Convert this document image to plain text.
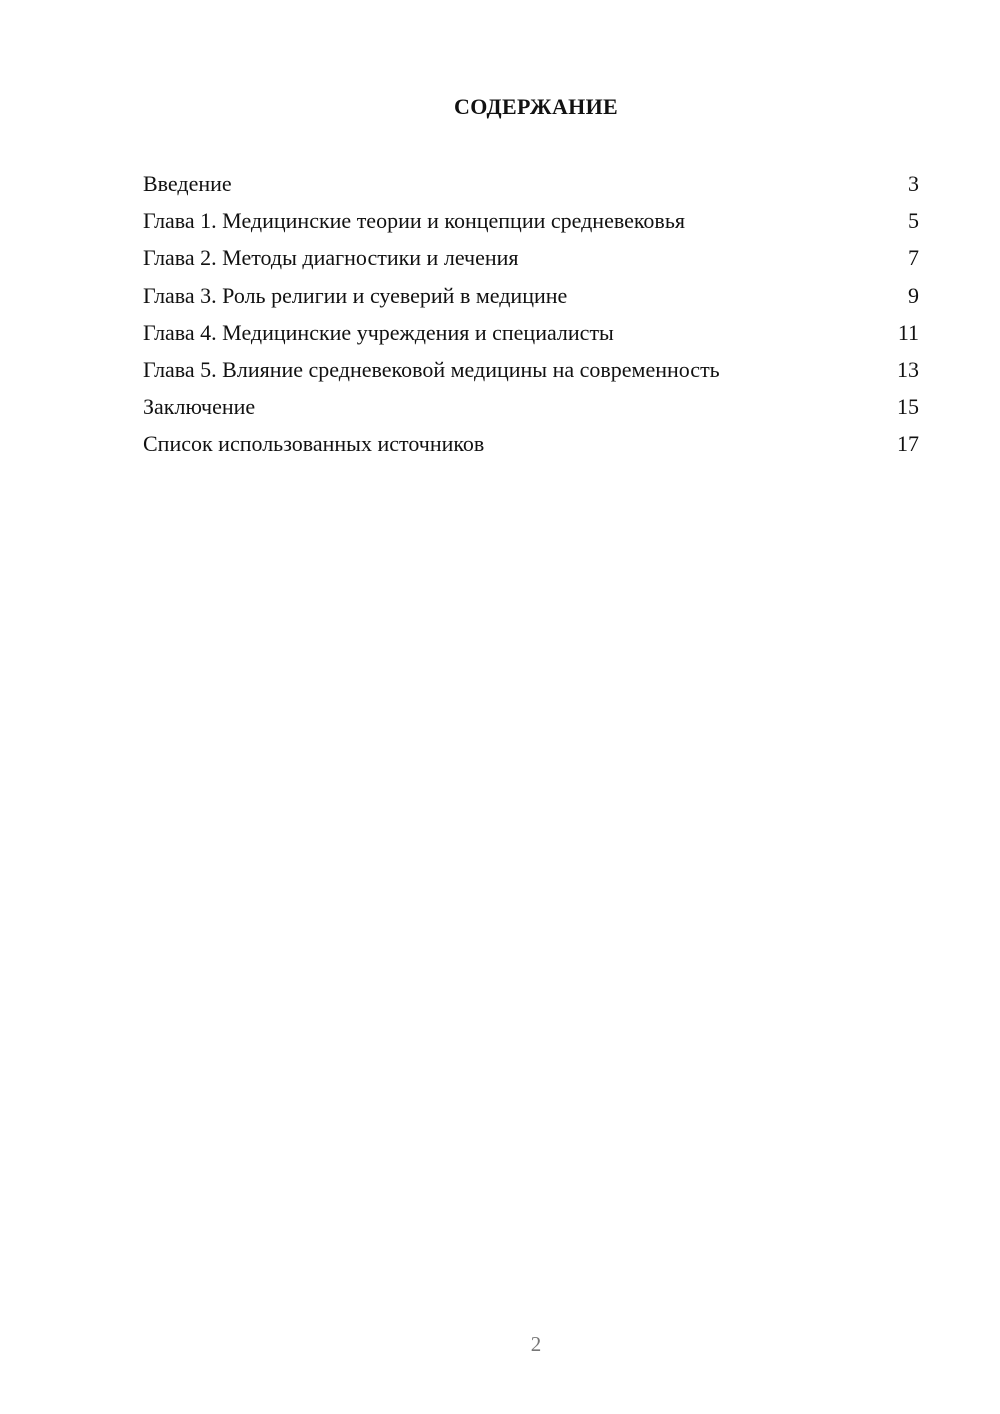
СОДЕРЖАНИЕ
Введение	3
Глава 1. Медицинские теории и концепции средневековья	5
Глава 2. Методы диагностики и лечения	7
Глава 3. Роль религии и суеверий в медицине	9
Глава 4. Медицинские учреждения и специалисты	11
Глава 5. Влияние средневековой медицины на современность	13
Заключение	15
Список использованных источников	17
2
